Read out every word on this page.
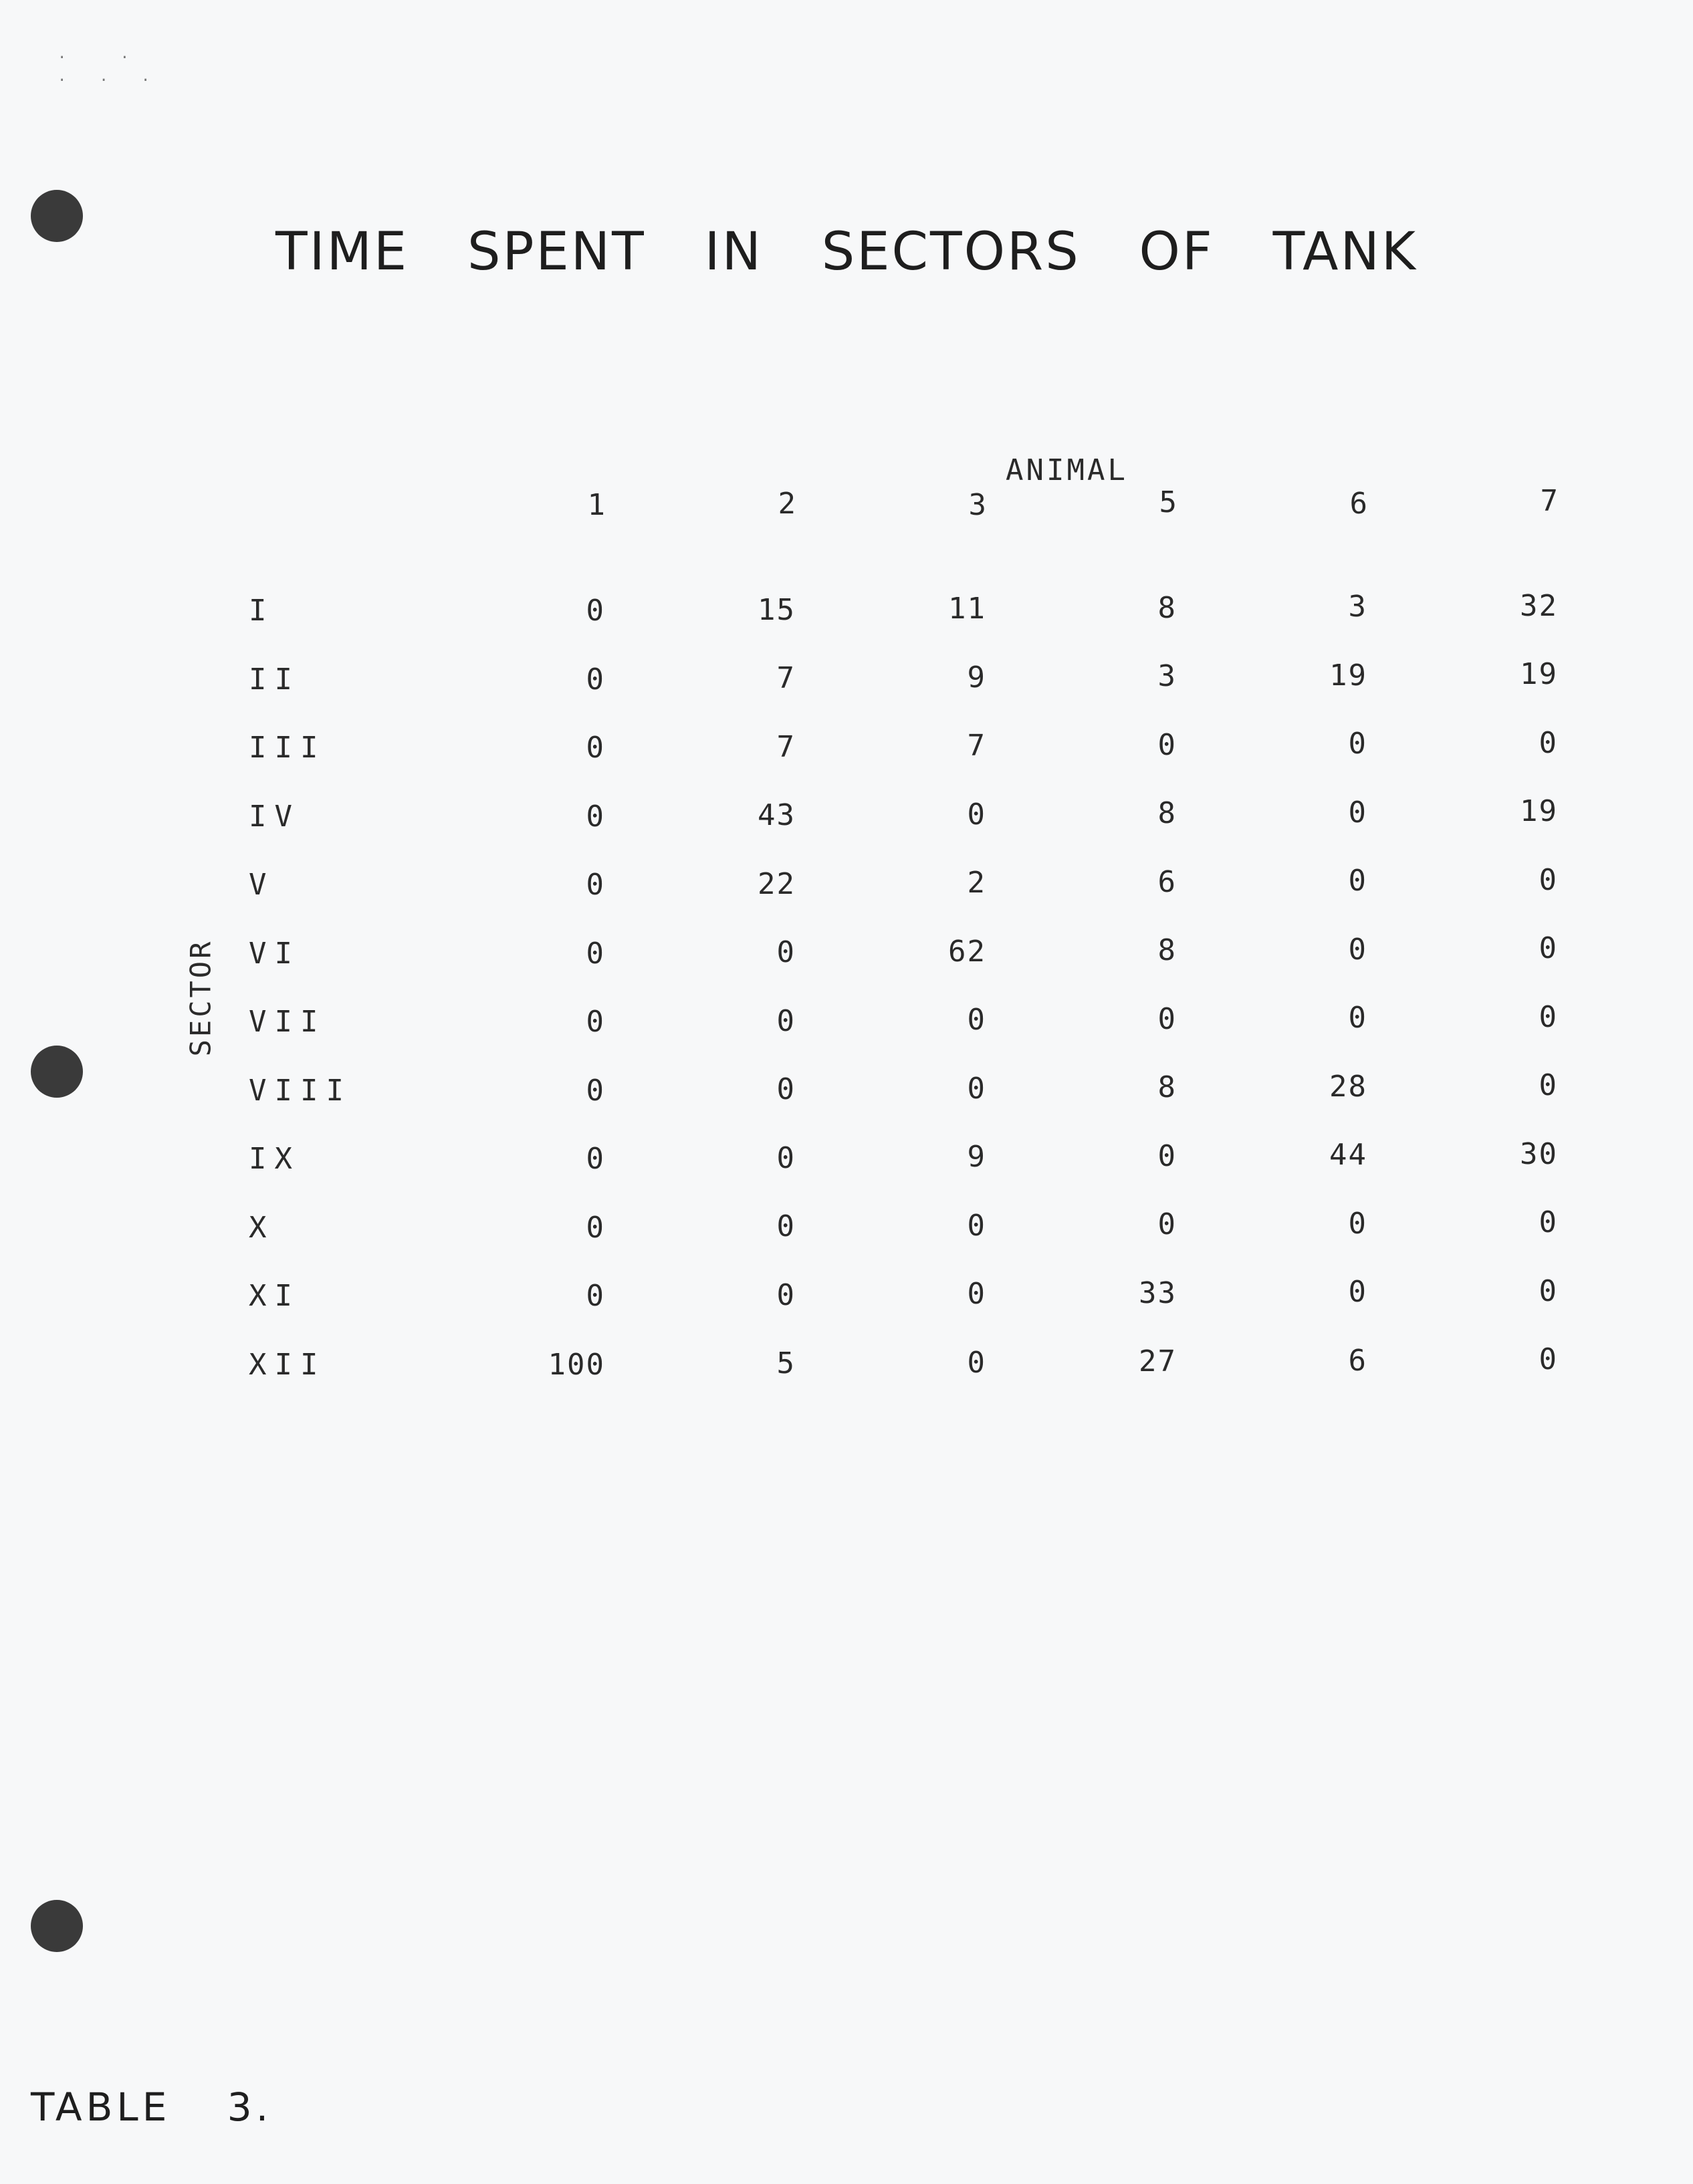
·  ·
· · ·
TIME SPENT IN SECTORS OF TANK
ANIMAL
1	2	3	5	6	7
SECTOR
I	0	15	11	8	3	32
II	0	7	9	3	19	19
III	0	7	7	0	0	0
IV	0	43	0	8	0	19
V	0	22	2	6	0	0
VI	0	0	62	8	0	0
VII	0	0	0	0	0	0
VIII	0	0	0	8	28	0
IX	0	0	9	0	44	30
X	0	0	0	0	0	0
XI	0	0	0	33	0	0
XII	100	5	0	27	6	0
TABLE 3.
